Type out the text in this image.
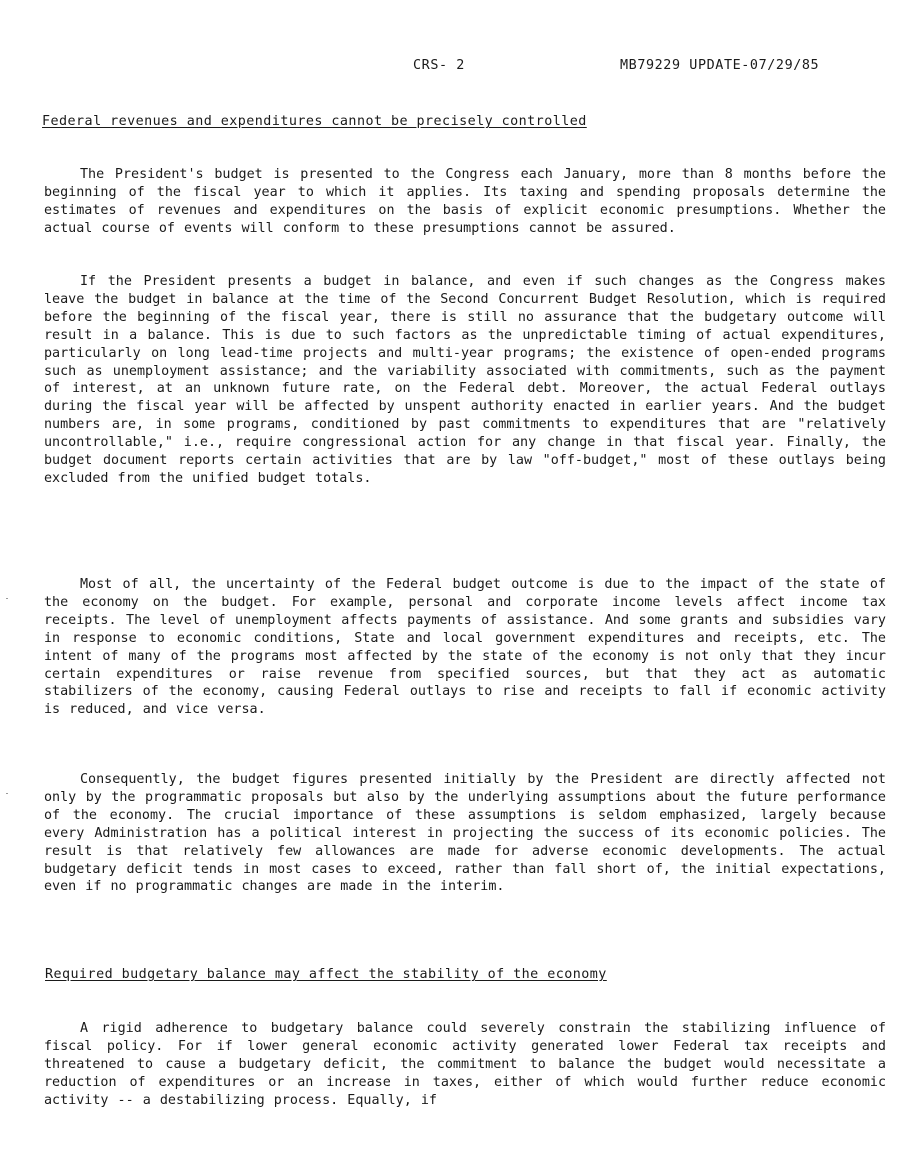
CRS- 2	MB79229 UPDATE-07/29/85
Federal revenues and expenditures cannot be precisely controlled

The President's budget is presented to the Congress each January, more than 8 months before the beginning of the fiscal year to which it applies. Its taxing and spending proposals determine the estimates of revenues and expenditures on the basis of explicit economic presumptions. Whether the actual course of events will conform to these presumptions cannot be assured.

If the President presents a budget in balance, and even if such changes as the Congress makes leave the budget in balance at the time of the Second Concurrent Budget Resolution, which is required before the beginning of the fiscal year, there is still no assurance that the budgetary outcome will result in a balance. This is due to such factors as the unpredictable timing of actual expenditures, particularly on long lead-time projects and multi-year programs; the existence of open-ended programs such as unemployment assistance; and the variability associated with commitments, such as the payment of interest, at an unknown future rate, on the Federal debt. Moreover, the actual Federal outlays during the fiscal year will be affected by unspent authority enacted in earlier years. And the budget numbers are, in some programs, conditioned by past commitments to expenditures that are "relatively uncontrollable," i.e., require congressional action for any change in that fiscal year. Finally, the budget document reports certain activities that are by law "off-budget," most of these outlays being excluded from the unified budget totals.

Most of all, the uncertainty of the Federal budget outcome is due to the impact of the state of the economy on the budget. For example, personal and corporate income levels affect income tax receipts. The level of unemployment affects payments of assistance. And some grants and subsidies vary in response to economic conditions, State and local government expenditures and receipts, etc. The intent of many of the programs most affected by the state of the economy is not only that they incur certain expenditures or raise revenue from specified sources, but that they act as automatic stabilizers of the economy, causing Federal outlays to rise and receipts to fall if economic activity is reduced, and vice versa.

Consequently, the budget figures presented initially by the President are directly affected not only by the programmatic proposals but also by the underlying assumptions about the future performance of the economy. The crucial importance of these assumptions is seldom emphasized, largely because every Administration has a political interest in projecting the success of its economic policies. The result is that relatively few allowances are made for adverse economic developments. The actual budgetary deficit tends in most cases to exceed, rather than fall short of, the initial expectations, even if no programmatic changes are made in the interim.

Required budgetary balance may affect the stability of the economy

A rigid adherence to budgetary balance could severely constrain the stabilizing influence of fiscal policy. For if lower general economic activity generated lower Federal tax receipts and threatened to cause a budgetary deficit, the commitment to balance the budget would necessitate a reduction of expenditures or an increase in taxes, either of which would further reduce economic activity -- a destabilizing process. Equally, if
